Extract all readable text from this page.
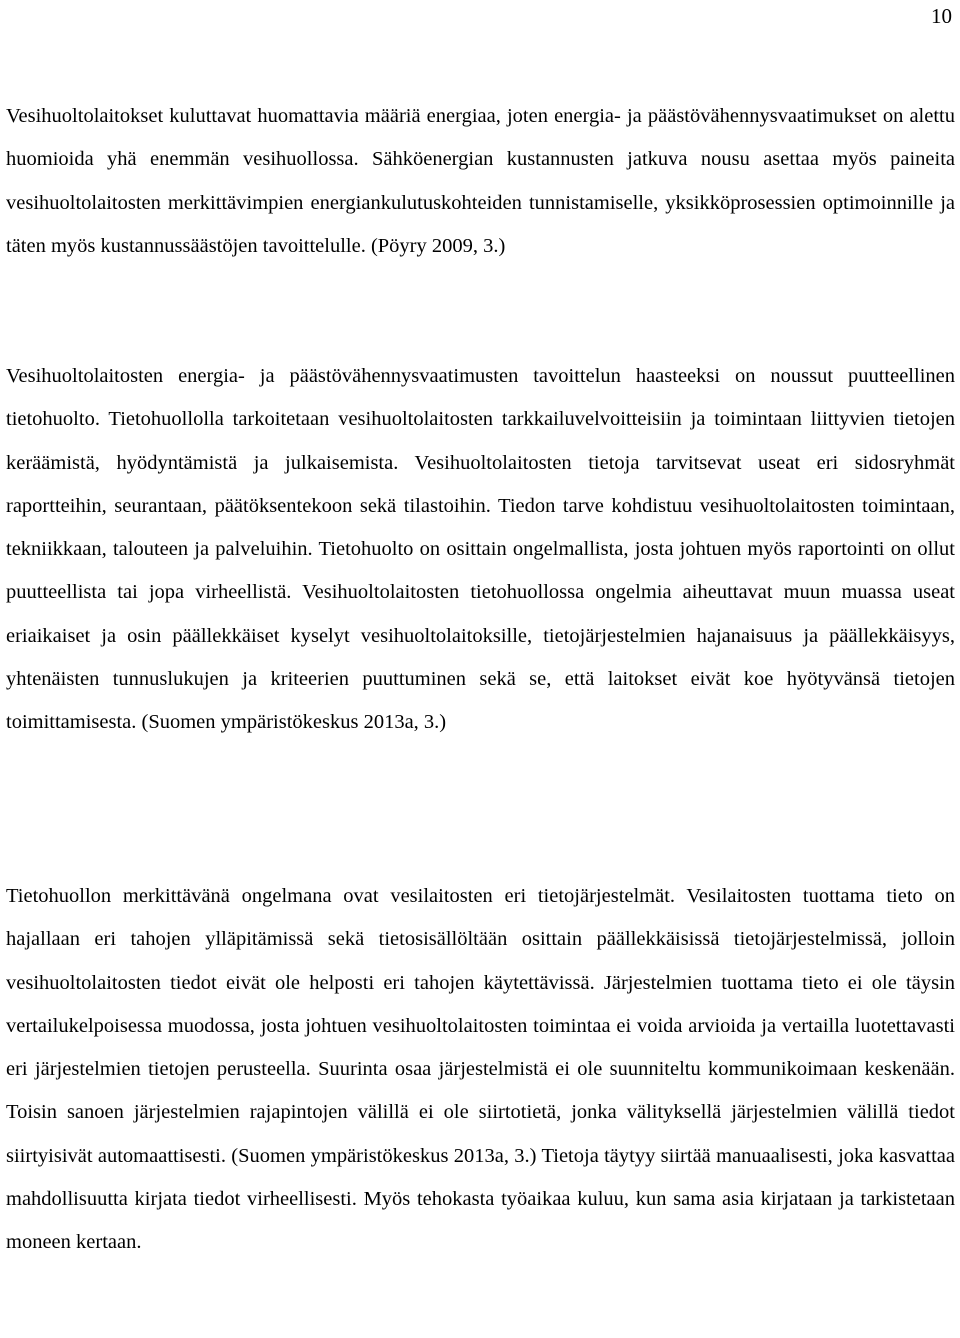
10

Vesihuoltolaitokset kuluttavat huomattavia määriä energiaa, joten energia- ja päästövähennysvaatimukset on alettu huomioida yhä enemmän vesihuollossa. Sähköenergian kustannusten jatkuva nousu asettaa myös paineita vesihuoltolaitosten merkittävimpien energiankulutuskohteiden tunnistamiselle, yksikköprosessien optimoinnille ja täten myös kustannussäästöjen tavoittelulle. (Pöyry 2009, 3.)

Vesihuoltolaitosten energia- ja päästövähennysvaatimusten tavoittelun haasteeksi on noussut puutteellinen tietohuolto. Tietohuollolla tarkoitetaan vesihuoltolaitosten tarkkailuvelvoitteisiin ja toimintaan liittyvien tietojen keräämistä, hyödyntämistä ja julkaisemista. Vesihuoltolaitosten tietoja tarvitsevat useat eri sidosryhmät raportteihin, seurantaan, päätöksentekoon sekä tilastoihin. Tiedon tarve kohdistuu vesihuoltolaitosten toimintaan, tekniikkaan, talouteen ja palveluihin. Tietohuolto on osittain ongelmallista, josta johtuen myös raportointi on ollut puutteellista tai jopa virheellistä. Vesihuoltolaitosten tietohuollossa ongelmia aiheuttavat muun muassa useat eriaikaiset ja osin päällekkäiset kyselyt vesihuoltolaitoksille, tietojärjestelmien hajanaisuus ja päällekkäisyys, yhtenäisten tunnuslukujen ja kriteerien puuttuminen sekä se, että laitokset eivät koe hyötyvänsä tietojen toimittamisesta. (Suomen ympäristökeskus 2013a, 3.)

Tietohuollon merkittävänä ongelmana ovat vesilaitosten eri tietojärjestelmät. Vesilaitosten tuottama tieto on hajallaan eri tahojen ylläpitämissä sekä tietosisällöltään osittain päällekkäisissä tietojärjestelmissä, jolloin vesihuoltolaitosten tiedot eivät ole helposti eri tahojen käytettävissä. Järjestelmien tuottama tieto ei ole täysin vertailukelpoisessa muodossa, josta johtuen vesihuoltolaitosten toimintaa ei voida arvioida ja vertailla luotettavasti eri järjestelmien tietojen perusteella. Suurinta osaa järjestelmistä ei ole suunniteltu kommunikoimaan keskenään. Toisin sanoen järjestelmien rajapintojen välillä ei ole siirtotietä, jonka välityksellä järjestelmien välillä tiedot siirtyisivät automaattisesti. (Suomen ympäristökeskus 2013a, 3.) Tietoja täytyy siirtää manuaalisesti, joka kasvattaa mahdollisuutta kirjata tiedot virheellisesti. Myös tehokasta työaikaa kuluu, kun sama asia kirjataan ja tarkistetaan moneen kertaan.
